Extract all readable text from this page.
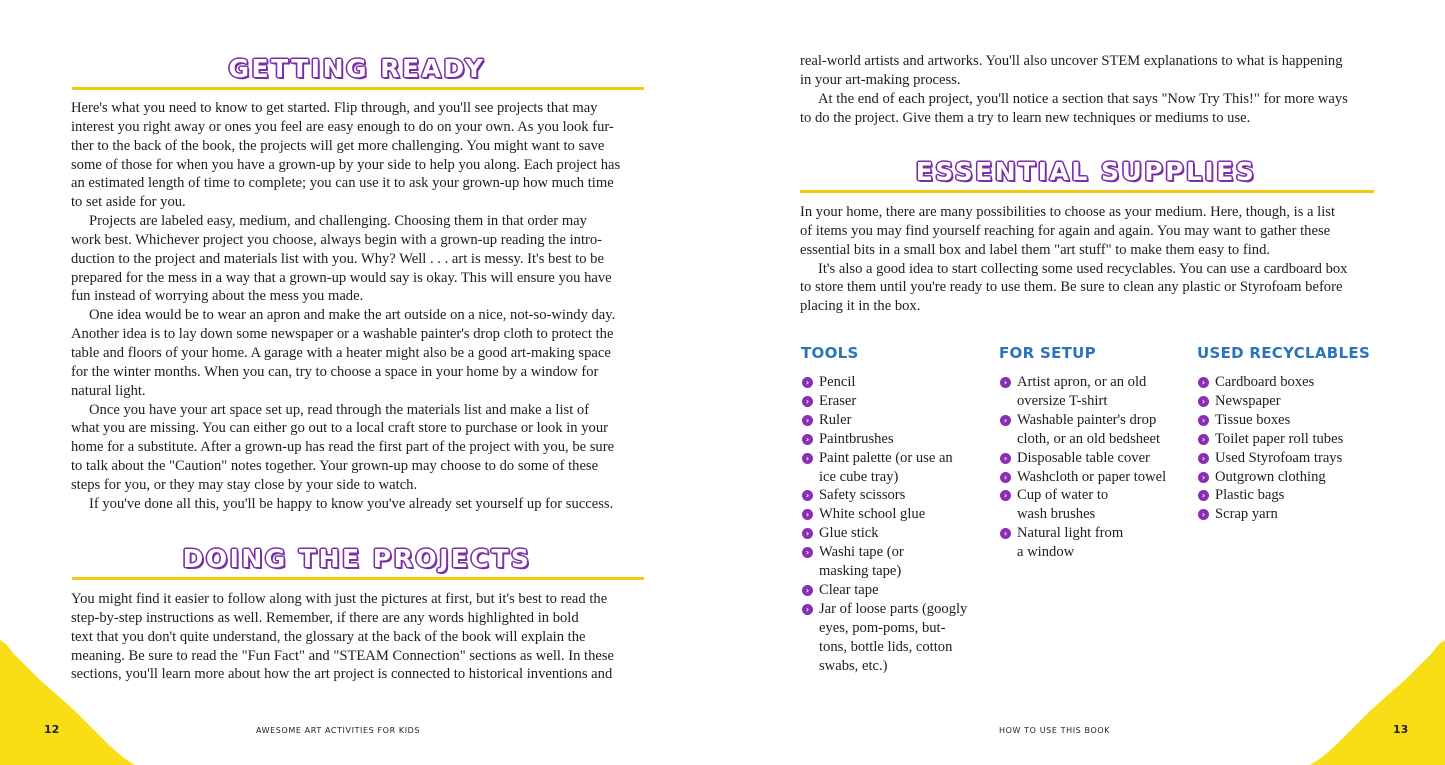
GETTING READY

Here's what you need to know to get started. Flip through, and you'll see projects that may
interest you right away or ones you feel are easy enough to do on your own. As you look fur-
ther to the back of the book, the projects will get more challenging. You might want to save
some of those for when you have a grown-up by your side to help you along. Each project has
an estimated length of time to complete; you can use it to ask your grown-up how much time
to set aside for you.

Projects are labeled easy, medium, and challenging. Choosing them in that order may
work best. Whichever project you choose, always begin with a grown-up reading the intro-
duction to the project and materials list with you. Why? Well . . . art is messy. It's best to be
prepared for the mess in a way that a grown-up would say is okay. This will ensure you have
fun instead of worrying about the mess you made.

One idea would be to wear an apron and make the art outside on a nice, not-so-windy day.
Another idea is to lay down some newspaper or a washable painter's drop cloth to protect the
table and floors of your home. A garage with a heater might also be a good art-making space
for the winter months. When you can, try to choose a space in your home by a window for
natural light.

Once you have your art space set up, read through the materials list and make a list of
what you are missing. You can either go out to a local craft store to purchase or look in your
home for a substitute. After a grown-up has read the first part of the project with you, be sure
to talk about the "Caution" notes together. Your grown-up may choose to do some of these
steps for you, or they may stay close by your side to watch.

If you've done all this, you'll be happy to know you've already set yourself up for success.

DOING THE PROJECTS

You might find it easier to follow along with just the pictures at first, but it's best to read the
step-by-step instructions as well. Remember, if there are any words highlighted in bold
text that you don't quite understand, the glossary at the back of the book will explain the
meaning. Be sure to read the "Fun Fact" and "STEAM Connection" sections as well. In these
sections, you'll learn more about how the art project is connected to historical inventions and

12	AWESOME ART ACTIVITIES FOR KIDS

real-world artists and artworks. You'll also uncover STEM explanations to what is happening
in your art-making process.

At the end of each project, you'll notice a section that says "Now Try This!" for more ways
to do the project. Give them a try to learn new techniques or mediums to use.

ESSENTIAL SUPPLIES

In your home, there are many possibilities to choose as your medium. Here, though, is a list
of items you may find yourself reaching for again and again. You may want to gather these
essential bits in a small box and label them "art stuff" to make them easy to find.

It's also a good idea to start collecting some used recyclables. You can use a cardboard box
to store them until you're ready to use them. Be sure to clean any plastic or Styrofoam before
placing it in the box.

TOOLS
› Pencil
› Eraser
› Ruler
› Paintbrushes
› Paint palette (or use an
ice cube tray)
› Safety scissors
› White school glue
› Glue stick
› Washi tape (or
masking tape)
› Clear tape
› Jar of loose parts (googly
eyes, pom-poms, but-
tons, bottle lids, cotton
swabs, etc.)
FOR SETUP
› Artist apron, or an old
oversize T-shirt
› Washable painter's drop
cloth, or an old bedsheet
› Disposable table cover
› Washcloth or paper towel
› Cup of water to
wash brushes
› Natural light from
a window
USED RECYCLABLES
› Cardboard boxes
› Newspaper
› Tissue boxes
› Toilet paper roll tubes
› Used Styrofoam trays
› Outgrown clothing
› Plastic bags
› Scrap yarn
HOW TO USE THIS BOOK	13
